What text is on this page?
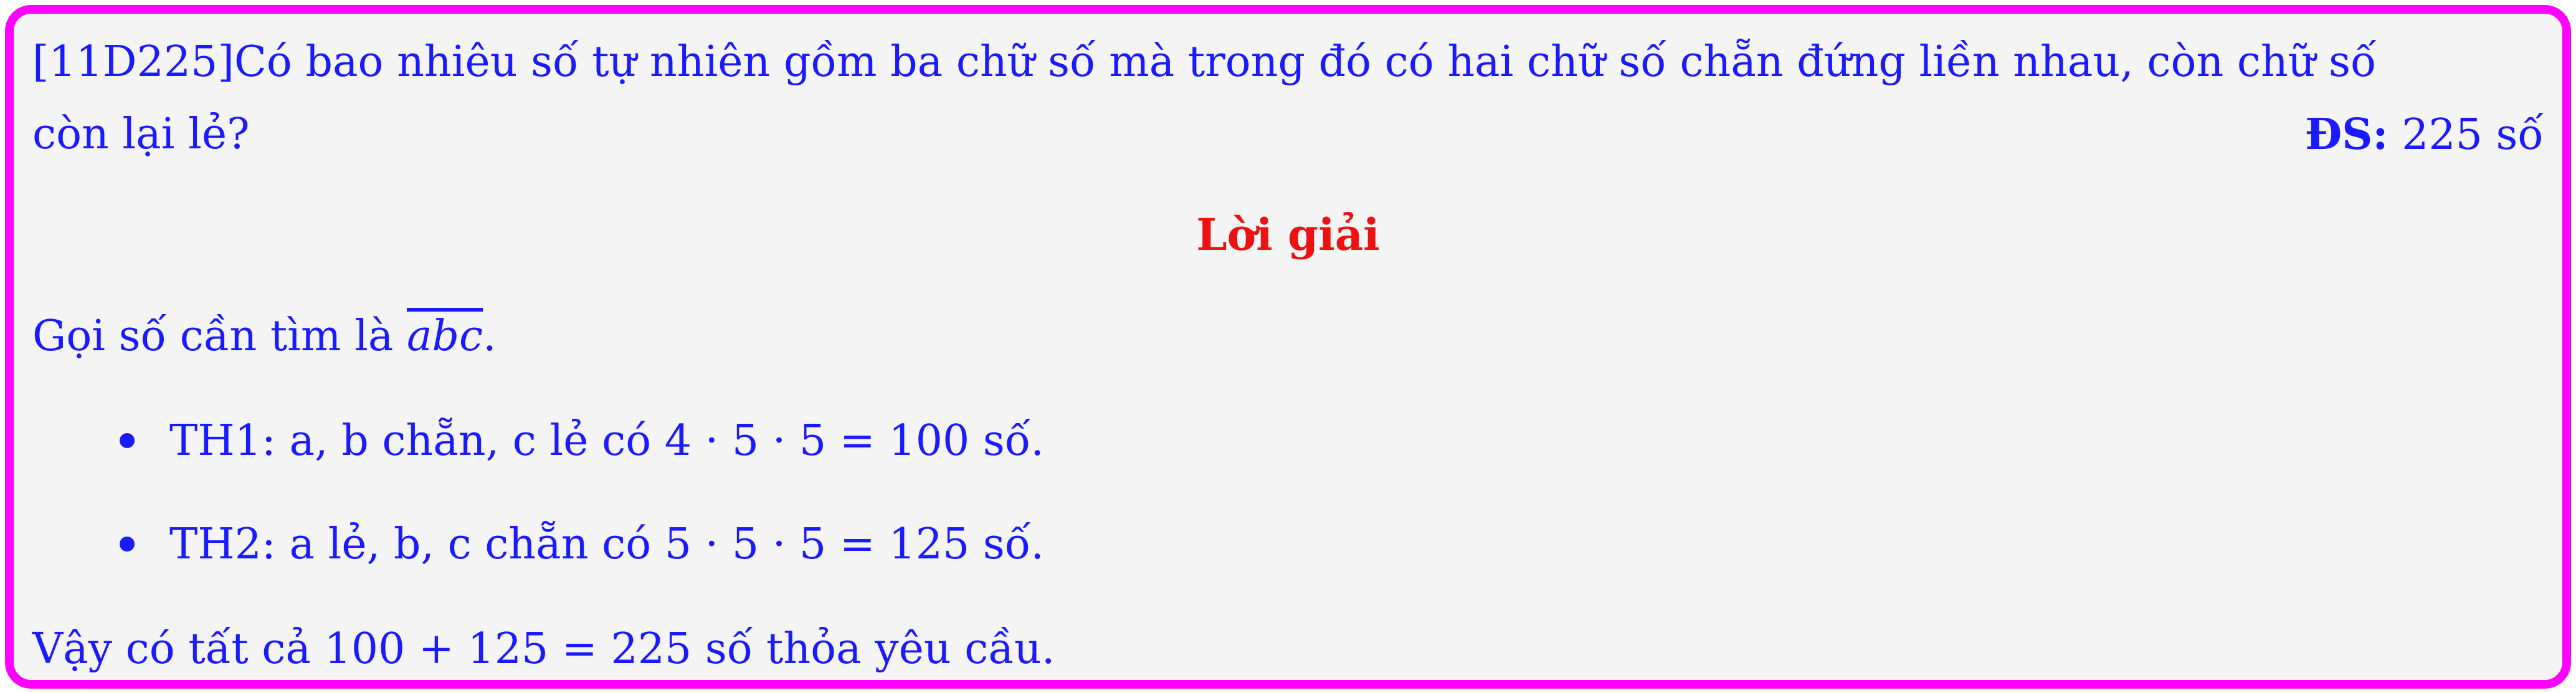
[11D225]Có bao nhiêu số tự nhiên gồm ba chữ số mà trong đó có hai chữ số chẵn đứng liền nhau, còn chữ số
còn lại lẻ?	ĐS: 225 số
Lời giải
Gọi số cần tìm là $\overline{abc}$.
TH1: a, b chẵn, c lẻ có 4 · 5 · 5 = 100 số.
TH2: a lẻ, b, c chẵn có 5 · 5 · 5 = 125 số.
Vậy có tất cả 100 + 125 = 225 số thỏa yêu cầu.
